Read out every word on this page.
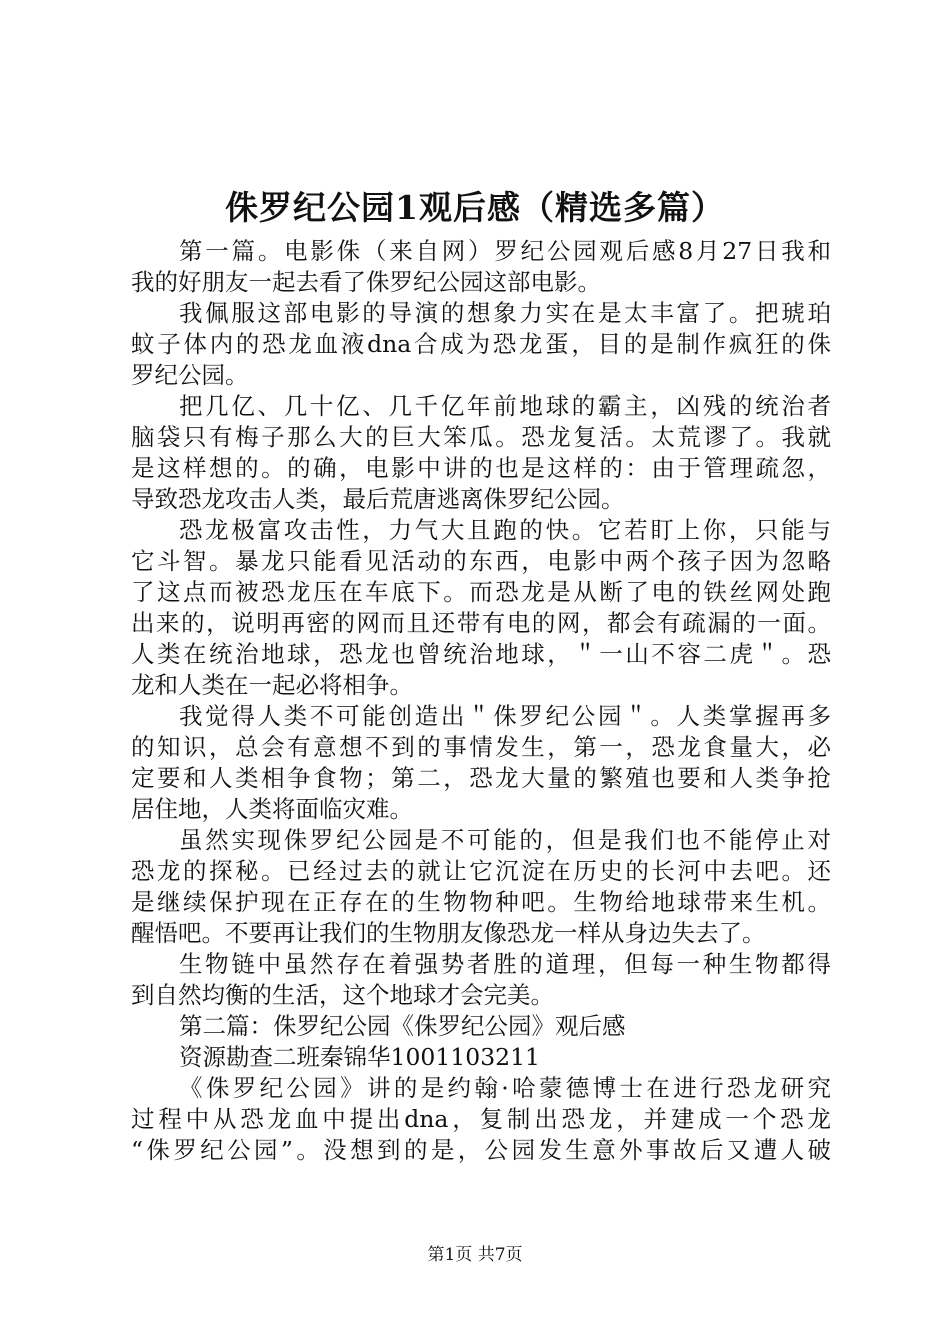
侏罗纪公园1观后感（精选多篇）
第一篇。电影侏（来自网）罗纪公园观后感8月27日我和
我的好朋友一起去看了侏罗纪公园这部电影。
我佩服这部电影的导演的想象力实在是太丰富了。把琥珀
蚊子体内的恐龙血液dna合成为恐龙蛋，目的是制作疯狂的侏
罗纪公园。
把几亿、几十亿、几千亿年前地球的霸主，凶残的统治者
脑袋只有梅子那么大的巨大笨瓜。恐龙复活。太荒谬了。我就
是这样想的。的确，电影中讲的也是这样的：由于管理疏忽，
导致恐龙攻击人类，最后荒唐逃离侏罗纪公园。
恐龙极富攻击性，力气大且跑的快。它若盯上你，只能与
它斗智。暴龙只能看见活动的东西，电影中两个孩子因为忽略
了这点而被恐龙压在车底下。而恐龙是从断了电的铁丝网处跑
出来的，说明再密的网而且还带有电的网，都会有疏漏的一面。
人类在统治地球，恐龙也曾统治地球，＂一山不容二虎＂。恐
龙和人类在一起必将相争。
我觉得人类不可能创造出＂侏罗纪公园＂。人类掌握再多
的知识，总会有意想不到的事情发生，第一，恐龙食量大，必
定要和人类相争食物；第二，恐龙大量的繁殖也要和人类争抢
居住地，人类将面临灾难。
虽然实现侏罗纪公园是不可能的，但是我们也不能停止对
恐龙的探秘。已经过去的就让它沉淀在历史的长河中去吧。还
是继续保护现在正存在的生物物种吧。生物给地球带来生机。
醒悟吧。不要再让我们的生物朋友像恐龙一样从身边失去了。
生物链中虽然存在着强势者胜的道理，但每一种生物都得
到自然均衡的生活，这个地球才会完美。
第二篇：侏罗纪公园《侏罗纪公园》观后感
资源勘查二班秦锦华1001103211
《侏罗纪公园》讲的是约翰·哈蒙德博士在进行恐龙研究
过程中从恐龙血中提出dna，复制出恐龙，并建成一个恐龙
“侏罗纪公园”。没想到的是，公园发生意外事故后又遭人破
第1页 共7页
